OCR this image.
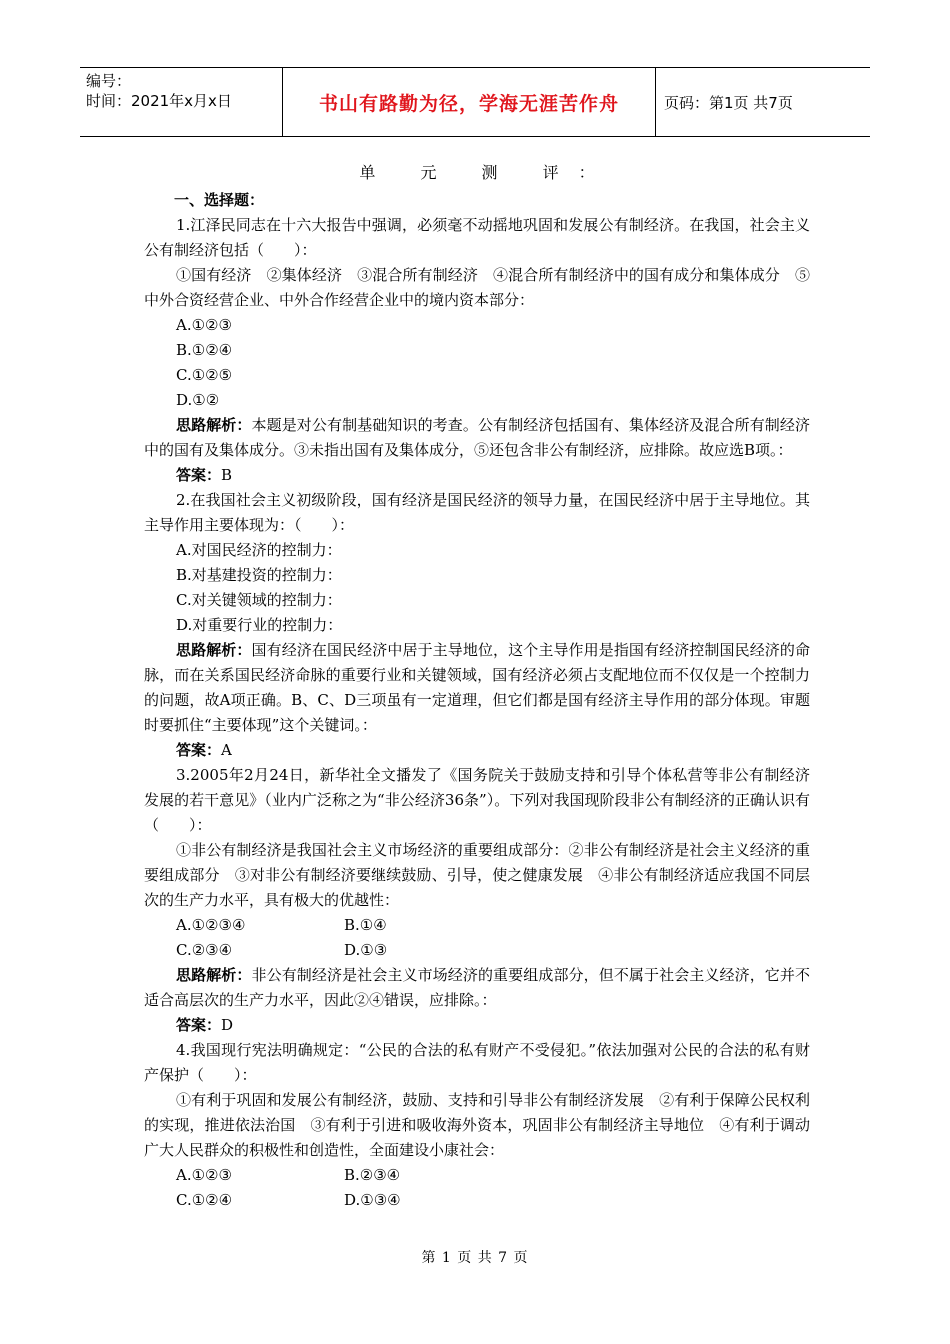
编号：
时间：2021年x月x日	书山有路勤为径，学海无涯苦作舟	页码：第1页 共7页
单 元 测 评：
一、选择题：

1.江泽民同志在十六大报告中强调，必须毫不动摇地巩固和发展公有制经济。在我国，社会主义公有制经济包括（　　）：

①国有经济　②集体经济　③混合所有制经济　④混合所有制经济中的国有成分和集体成分　⑤中外合资经营企业、中外合作经营企业中的境内资本部分：

A.①②③
B.①②④
C.①②⑤
D.①②

思路解析：本题是对公有制基础知识的考查。公有制经济包括国有、集体经济及混合所有制经济中的国有及集体成分。③未指出国有及集体成分，⑤还包含非公有制经济，应排除。故应选B项。：

答案：B

2.在我国社会主义初级阶段，国有经济是国民经济的领导力量，在国民经济中居于主导地位。其主导作用主要体现为：（　　）：

A.对国民经济的控制力：
B.对基建投资的控制力：
C.对关键领域的控制力：
D.对重要行业的控制力：

思路解析：国有经济在国民经济中居于主导地位，这个主导作用是指国有经济控制国民经济的命脉，而在关系国民经济命脉的重要行业和关键领域，国有经济必须占支配地位而不仅仅是一个控制力的问题，故A项正确。B、C、D三项虽有一定道理，但它们都是国有经济主导作用的部分体现。审题时要抓住“主要体现”这个关键词。：

答案：A

3.2005年2月24日，新华社全文播发了《国务院关于鼓励支持和引导个体私营等非公有制经济发展的若干意见》（业内广泛称之为“非公经济36条”）。下列对我国现阶段非公有制经济的正确认识有（　　）：

①非公有制经济是我国社会主义市场经济的重要组成部分：②非公有制经济是社会主义经济的重要组成部分　③对非公有制经济要继续鼓励、引导，使之健康发展　④非公有制经济适应我国不同层次的生产力水平，具有极大的优越性：

A.①②③④	B.①④
C.②③④	D.①③

思路解析：非公有制经济是社会主义市场经济的重要组成部分，但不属于社会主义经济，它并不适合高层次的生产力水平，因此②④错误，应排除。：

答案：D

4.我国现行宪法明确规定：“公民的合法的私有财产不受侵犯。”依法加强对公民的合法的私有财产保护（　　）：

①有利于巩固和发展公有制经济，鼓励、支持和引导非公有制经济发展　②有利于保障公民权利的实现，推进依法治国　③有利于引进和吸收海外资本，巩固非公有制经济主导地位　④有利于调动广大人民群众的积极性和创造性，全面建设小康社会：

A.①②③	B.②③④
C.①②④	D.①③④
第 1 页 共 7 页
